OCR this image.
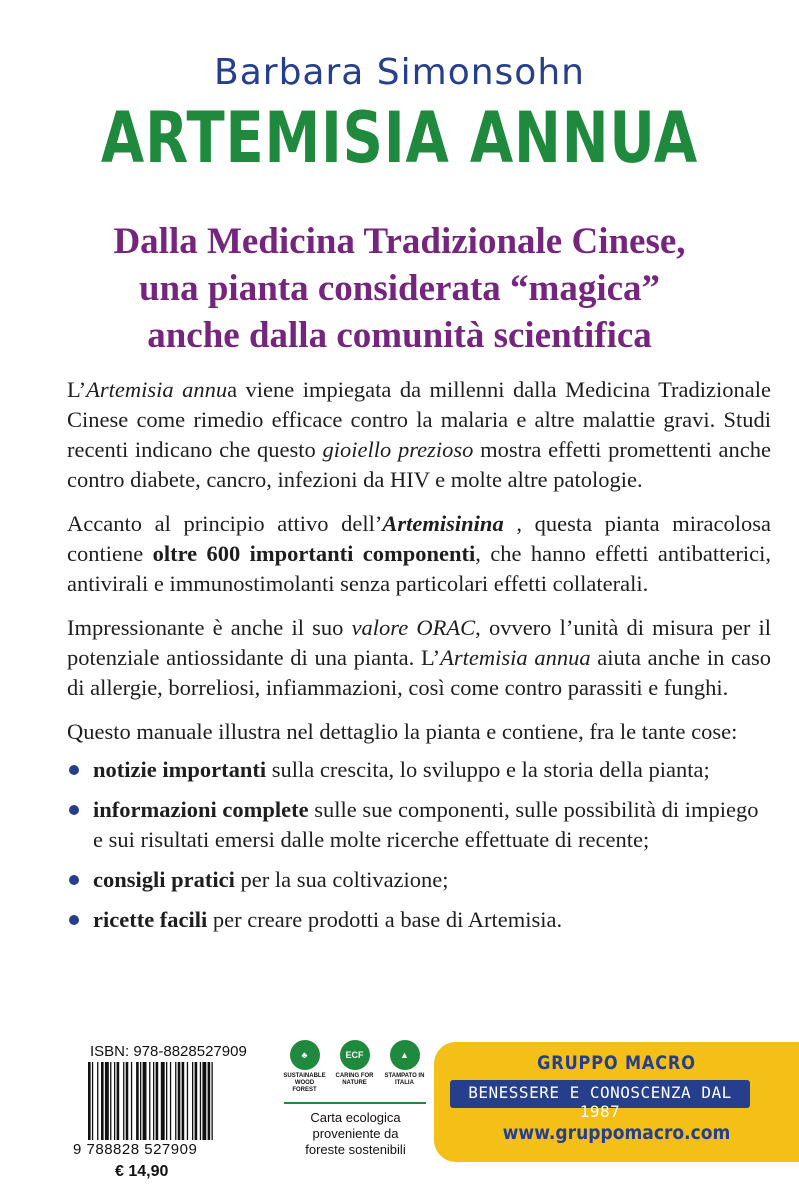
Barbara Simonsohn
ARTEMISIA ANNUA
Dalla Medicina Tradizionale Cinese,
una pianta considerata “magica”
anche dalla comunità scientifica

L’Artemisia annua viene impiegata da millenni dalla Medicina Tradizionale Cinese come rimedio efficace contro la malaria e altre malattie gravi. Studi recenti indicano che questo gioiello prezioso mostra effetti promettenti anche contro diabete, cancro, infezioni da HIV e molte altre patologie.

Accanto al principio attivo dell’Artemisinina , questa pianta miracolosa contiene oltre 600 importanti componenti, che hanno effetti antibatterici, antivirali e immunostimolanti senza particolari effetti collaterali.

Impressionante è anche il suo valore ORAC, ovvero l’unità di misura per il potenziale antiossidante di una pianta. L’Artemisia annua aiuta anche in caso di allergie, borreliosi, infiammazioni, così come contro parassiti e funghi.

Questo manuale illustra nel dettaglio la pianta e contiene, fra le tante cose:

notizie importanti sulla crescita, lo sviluppo e la storia della pianta;
informazioni complete sulle sue componenti, sulle possibilità di impiego e sui risultati emersi dalle molte ricerche effettuate di recente;
consigli pratici per la sua coltivazione;
ricette facili per creare prodotti a base di Artemisia.
ISBN: 978-8828527909
9 788828 527909
€ 14,90
♣
SUSTAINABLE WOOD FOREST
ECF
CARING FOR NATURE
▲
STAMPATO IN ITALIA
Carta ecologica
proveniente da
foreste sostenibili
GRUPPO MACRO
BENESSERE E CONOSCENZA DAL 1987
www.gruppomacro.com
